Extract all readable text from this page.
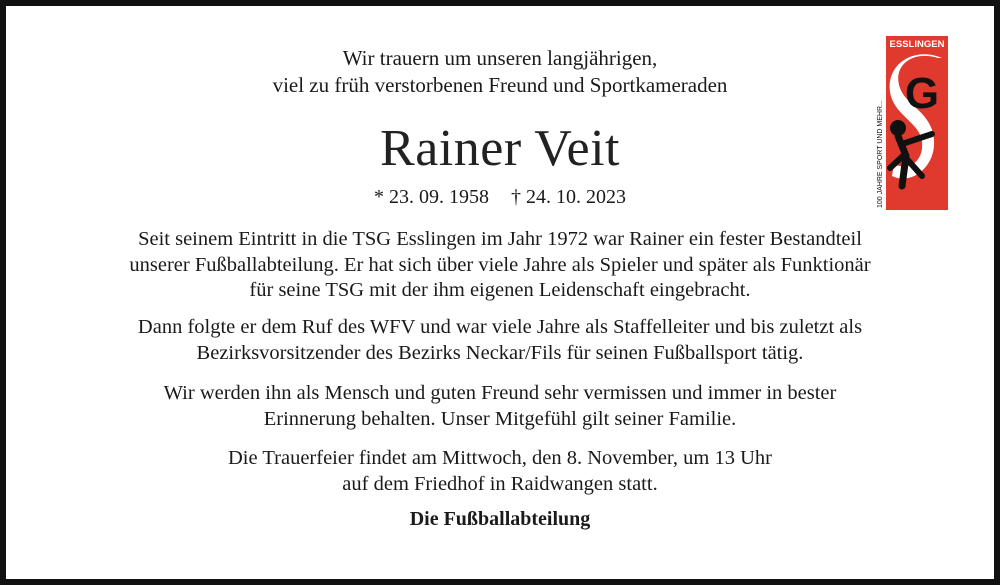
Wir trauern um unseren langjährigen,
viel zu früh verstorbenen Freund und Sportkameraden
Rainer Veit
* 23. 09. 1958 † 24. 10. 2023
Seit seinem Eintritt in die TSG Esslingen im Jahr 1972 war Rainer ein fester Bestandteil
unserer Fußballabteilung. Er hat sich über viele Jahre als Spieler und später als Funktionär
für seine TSG mit der ihm eigenen Leidenschaft eingebracht.
Dann folgte er dem Ruf des WFV und war viele Jahre als Staffelleiter und bis zuletzt als
Bezirksvorsitzender des Bezirks Neckar/Fils für seinen Fußballsport tätig.
Wir werden ihn als Mensch und guten Freund sehr vermissen und immer in bester
Erinnerung behalten. Unser Mitgefühl gilt seiner Familie.
Die Trauerfeier findet am Mittwoch, den 8. November, um 13 Uhr
auf dem Friedhof in Raidwangen statt.
Die Fußballabteilung
ESSLINGEN
G
100 JAHRE SPORT UND MEHR...
